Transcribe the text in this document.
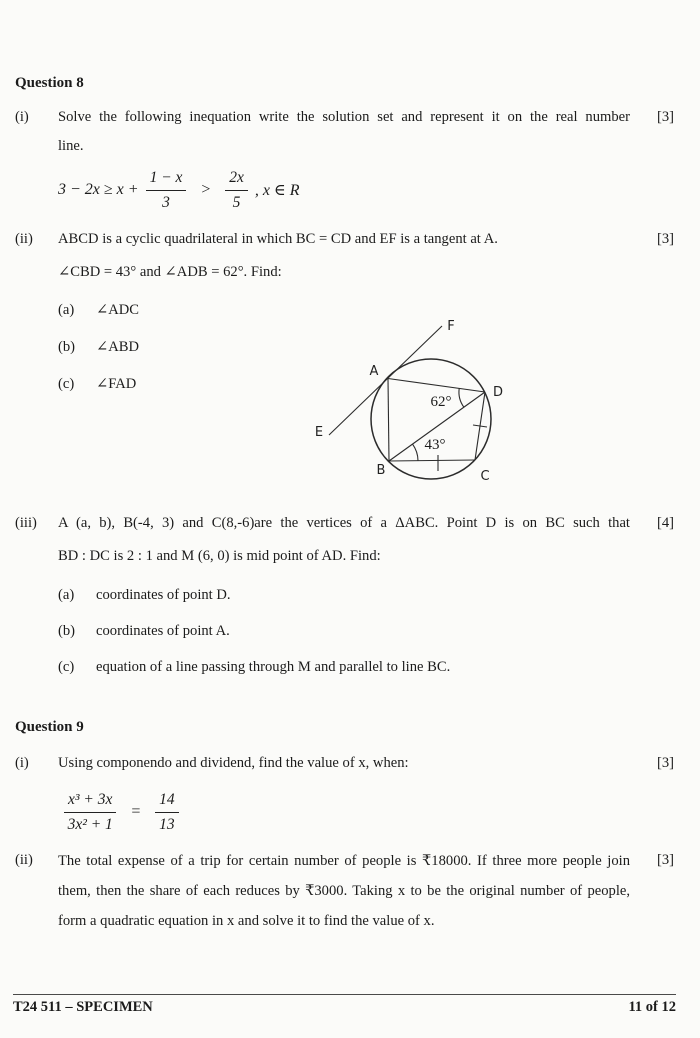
Question 8
(i)	Solve the following inequation write the solution set and represent it on the real number
line.
[3]
$3 - 2x \ge x + \frac{1 - x}{3} > \frac{2x}{5}$ , x ∈ R
(ii)	ABCD is a cyclic quadrilateral in which BC = CD and EF is a tangent at A.
∠CBD = 43° and ∠ADB = 62°. Find:
(a)	∠ADC
(b)	∠ABD
(c)	∠FAD
[3]
(iii)	A (a, b), B(-4, 3) and C(8,-6)are the vertices of a ΔABC. Point D is on BC such that
BD : DC is 2 : 1 and M (6, 0) is mid point of AD. Find:
(a)	coordinates of point D.
(b)	coordinates of point A.
(c)	equation of a line passing through M and parallel to line BC.
[4]
Question 9
(i)	Using componendo and dividend, find the value of x, when:	[3]
$\frac{\text{x³ + 3x}}{\text{3x² + 1}} = \frac{14}{13}$
(ii)	The total expense of a trip for certain number of people is ₹18000. If three more people join
them, then the share of each reduces by ₹3000. Taking x to be the original number of people,
form a quadratic equation in x and solve it to find the value of x.
[3]
A
B	C
D
E
F
62°
43°
T24 511 – SPECIMEN	11 of 12
